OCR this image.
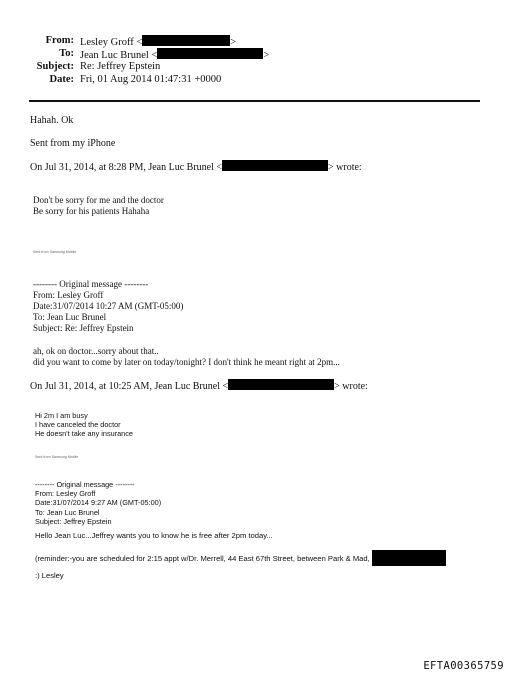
From: Lesley Groff <	>
To: Jean Luc Brunel <	>
Subject: Re: Jeffrey Epstein
Date: Fri, 01 Aug 2014 01:47:31 +0000
Hahah. Ok
Sent from my iPhone
On Jul 31, 2014, at 8:28 PM, Jean Luc Brunel <	> wrote:
Don't be sorry for me and the doctor
Be sorry for his patients Hahaha
Sent from Samsung Mobile
-------- Original message --------
From: Lesley Groff
Date:31/07/2014 10:27 AM (GMT-05:00)
To: Jean Luc Brunel
Subject: Re: Jeffrey Epstein
ah, ok on doctor...sorry about that..
did you want to come by later on today/tonight? I don't think he meant right at 2pm...
On Jul 31, 2014, at 10:25 AM, Jean Luc Brunel <	> wrote:
Hi 2m I am busy
I have canceled the doctor
He doesn't take any insurance
Sent from Samsung Mobile
-------- Original message --------
From: Lesley Groff
Date:31/07/2014 9:27 AM (GMT-05:00)
To: Jean Luc Brunel
Subject: Jeffrey Epstein
Hello Jean Luc...Jeffrey wants you to know he is free after 2pm today...
(reminder:-you are scheduled for 2:15 appt w/Dr. Merrell, 44 East 67th Street, between Park & Mad,
:) Lesley
EFTA00365759
